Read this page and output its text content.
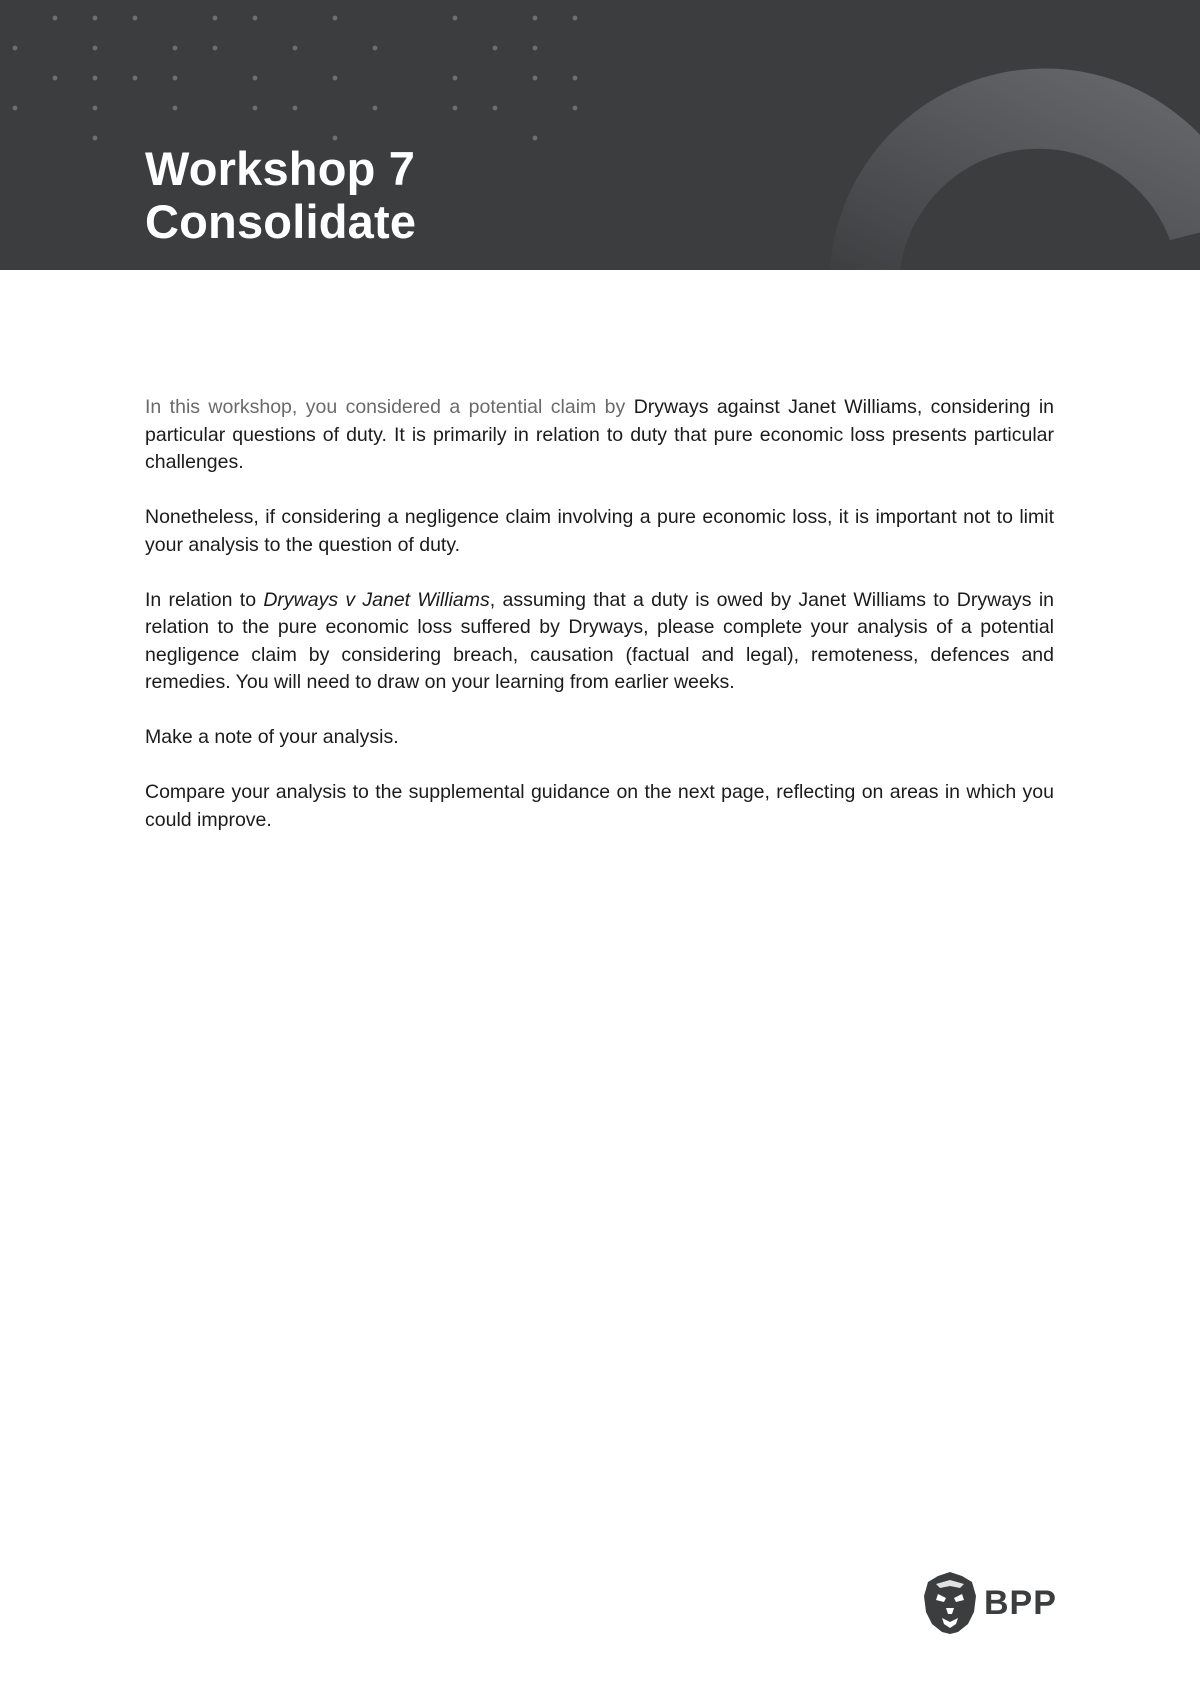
Workshop 7
Consolidate

In this workshop, you considered a potential claim by Dryways against Janet Williams, considering in particular questions of duty. It is primarily in relation to duty that pure economic loss presents particular challenges.

Nonetheless, if considering a negligence claim involving a pure economic loss, it is important not to limit your analysis to the question of duty.

In relation to Dryways v Janet Williams, assuming that a duty is owed by Janet Williams to Dryways in relation to the pure economic loss suffered by Dryways, please complete your analysis of a potential negligence claim by considering breach, causation (factual and legal), remoteness, defences and remedies. You will need to draw on your learning from earlier weeks.

Make a note of your analysis.

Compare your analysis to the supplemental guidance on the next page, reflecting on areas in which you could improve.

BPP
